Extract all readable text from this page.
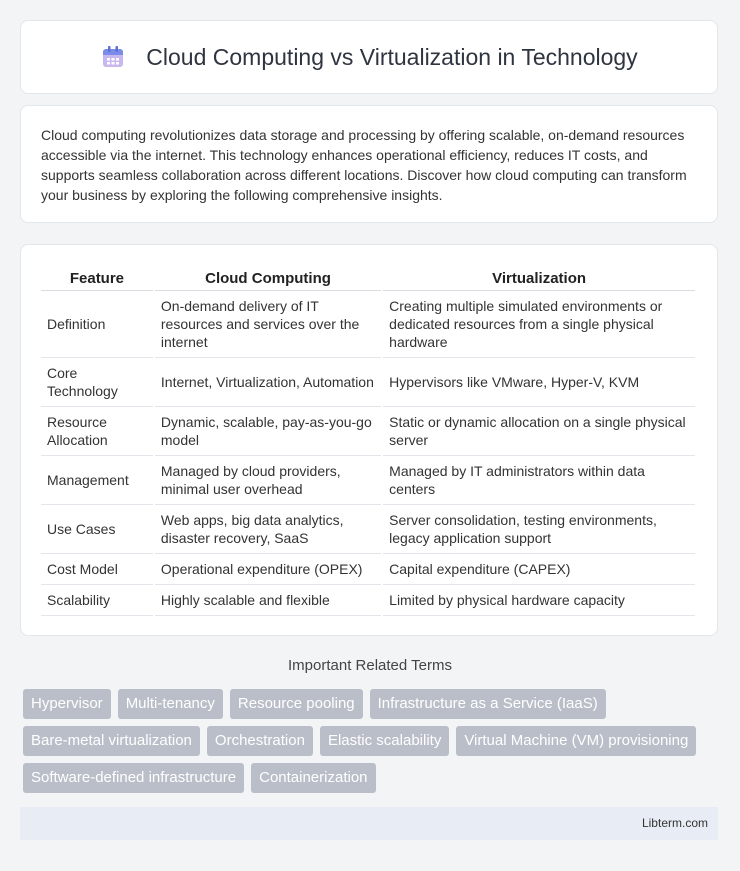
Cloud Computing vs Virtualization in Technology

Cloud computing revolutionizes data storage and processing by offering scalable, on-demand resources accessible via the internet. This technology enhances operational efficiency, reduces IT costs, and supports seamless collaboration across different locations. Discover how cloud computing can transform your business by exploring the following comprehensive insights.

Feature	Cloud Computing	Virtualization
Definition	On-demand delivery of IT resources and services over the internet	Creating multiple simulated environments or dedicated resources from a single physical hardware
Core Technology	Internet, Virtualization, Automation	Hypervisors like VMware, Hyper-V, KVM
Resource Allocation	Dynamic, scalable, pay-as-you-go model	Static or dynamic allocation on a single physical server
Management	Managed by cloud providers, minimal user overhead	Managed by IT administrators within data centers
Use Cases	Web apps, big data analytics, disaster recovery, SaaS	Server consolidation, testing environments, legacy application support
Cost Model	Operational expenditure (OPEX)	Capital expenditure (CAPEX)
Scalability	Highly scalable and flexible	Limited by physical hardware capacity
Important Related Terms
Hypervisor	Multi-tenancy	Resource pooling	Infrastructure as a Service (IaaS)
Bare-metal virtualization	Orchestration	Elastic scalability	Virtual Machine (VM) provisioning
Software-defined infrastructure	Containerization
Libterm.com
